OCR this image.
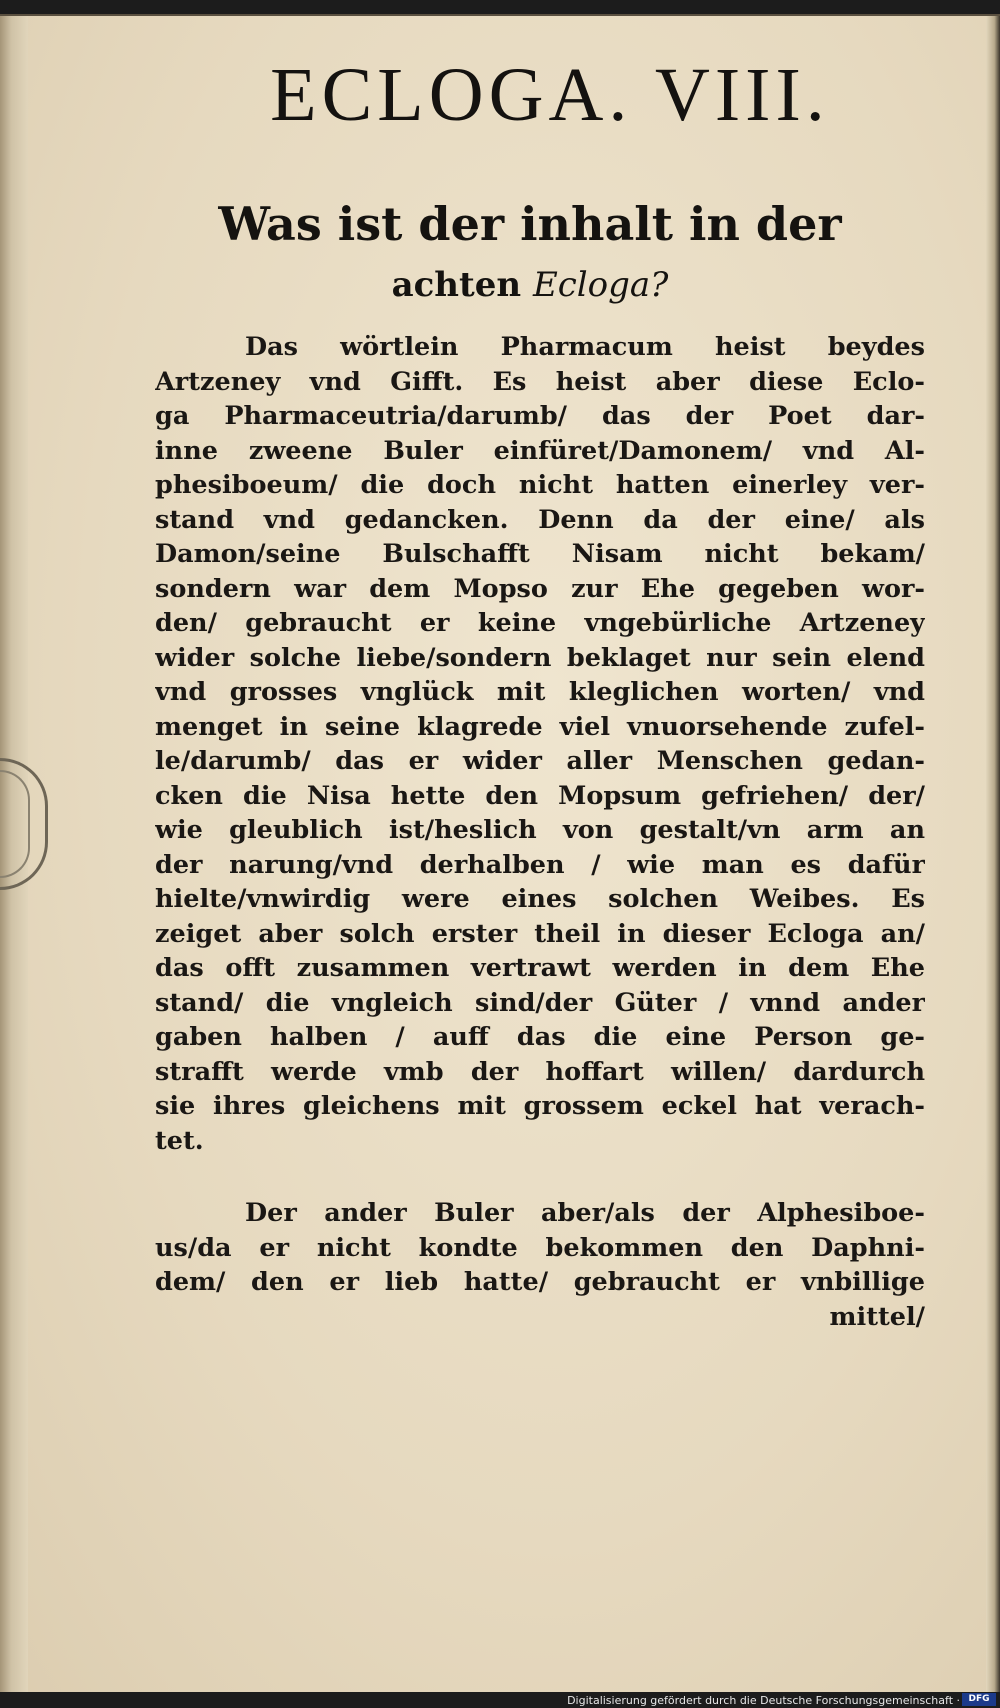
ECLOGA. VIII.
Was ist der inhalt in der
achten Ecloga?
Das wörtlein Pharmacum heist beydes
Artzeney vnd Gifft. Es heist aber diese Eclo-
ga Pharmaceutria/darumb/ das der Poet dar-
inne zweene Buler einfüret/Damonem/ vnd Al-
phesiboeum/ die doch nicht hatten einerley ver-
stand vnd gedancken. Denn da der eine/ als
Damon/seine Bulschafft Nisam nicht bekam/
sondern war dem Mopso zur Ehe gegeben wor-
den/ gebraucht er keine vngebürliche Artzeney
wider solche liebe/sondern beklaget nur sein elend
vnd grosses vnglück mit kleglichen worten/ vnd
menget in seine klagrede viel vnuorsehende zufel-
le/darumb/ das er wider aller Menschen gedan-
cken die Nisa hette den Mopsum gefriehen/ der/
wie gleublich ist/heslich von gestalt/vn arm an
der narung/vnd derhalben / wie man es dafür
hielte/vnwirdig were eines solchen Weibes. Es
zeiget aber solch erster theil in dieser Ecloga an/
das offt zusammen vertrawt werden in dem Ehe
stand/ die vngleich sind/der Güter / vnnd ander
gaben halben / auff das die eine Person ge-
strafft werde vmb der hoffart willen/ dardurch
sie ihres gleichens mit grossem eckel hat verach-
tet.
Der ander Buler aber/als der Alphesiboe-
us/da er nicht kondte bekommen den Daphni-
dem/ den er lieb hatte/ gebraucht er vnbillige
mittel/
Digitalisierung gefördert durch die Deutsche Forschungsgemeinschaft · DFG
